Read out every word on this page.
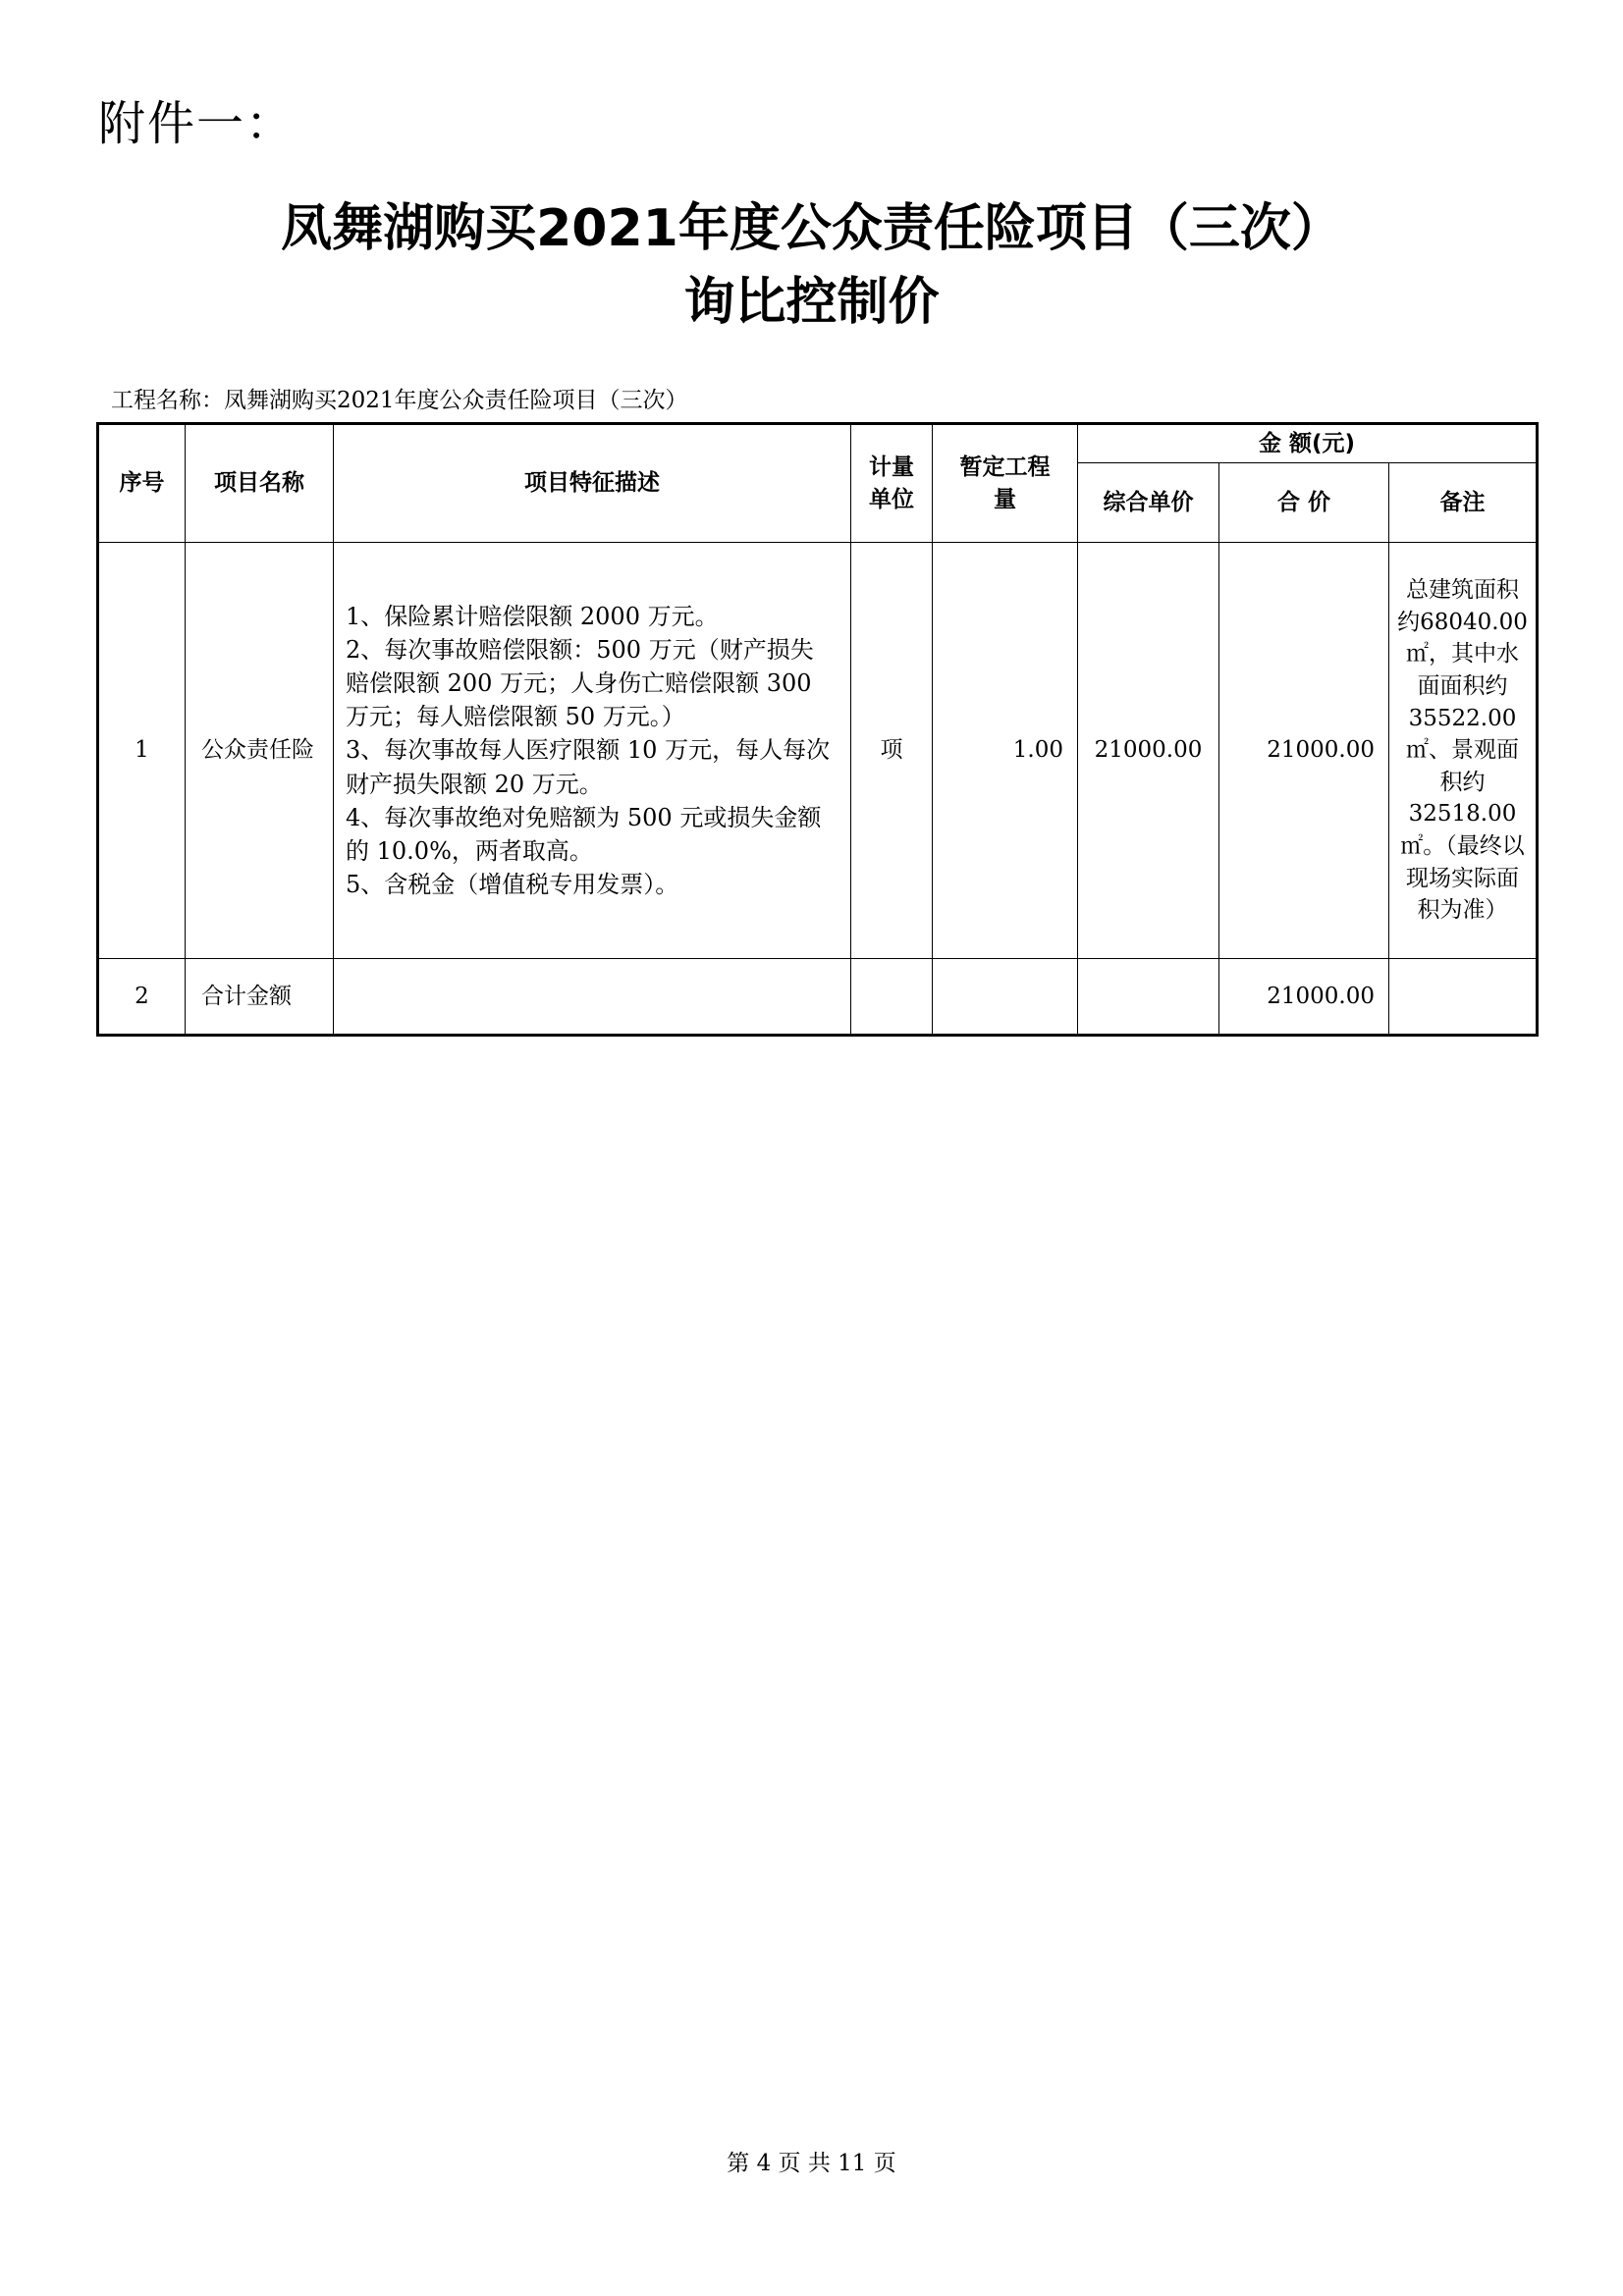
附件一：
凤舞湖购买2021年度公众责任险项目（三次）
询比控制价
工程名称：凤舞湖购买2021年度公众责任险项目（三次）
序号	项目名称	项目特征描述	计量单位	暂定工程量	金 额(元)		
					综合单价	合 价	备注
1	公众责任险	1、保险累计赔偿限额 2000 万元。
2、每次事故赔偿限额：500 万元（财产损失赔偿限额 200 万元；人身伤亡赔偿限额 300 万元；每人赔偿限额 50 万元。）
3、每次事故每人医疗限额 10 万元，每人每次财产损失限额 20 万元。
4、每次事故绝对免赔额为 500 元或损失金额的 10.0%，两者取高。
5、含税金（增值税专用发票）。	项	1.00	21000.00	21000.00	总建筑面积约68040.00㎡，其中水面面积约35522.00㎡、景观面积约32518.00㎡。（最终以现场实际面积为准）
2	合计金额					21000.00	
第 4 页 共 11 页
